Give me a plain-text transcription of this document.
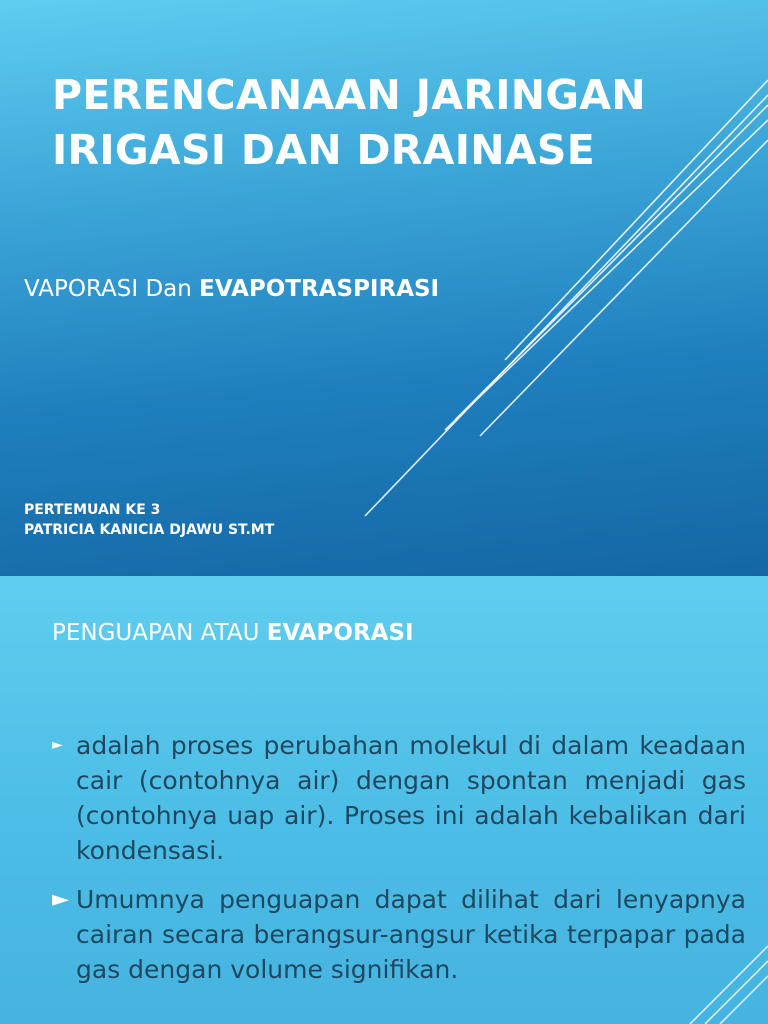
PERENCANAAN JARINGAN IRIGASI DAN DRAINASE

VAPORASI Dan EVAPOTRASPIRASI

PERTEMUAN KE 3
PATRICIA KANICIA DJAWU ST.MT

PENGUAPAN ATAU EVAPORASI

► adalah proses perubahan molekul di dalam keadaan cair (contohnya air) dengan spontan menjadi gas (contohnya uap air). Proses ini adalah kebalikan dari kondensasi.
► Umumnya penguapan dapat dilihat dari lenyapnya cairan secara berangsur-angsur ketika terpapar pada gas dengan volume signifikan.
